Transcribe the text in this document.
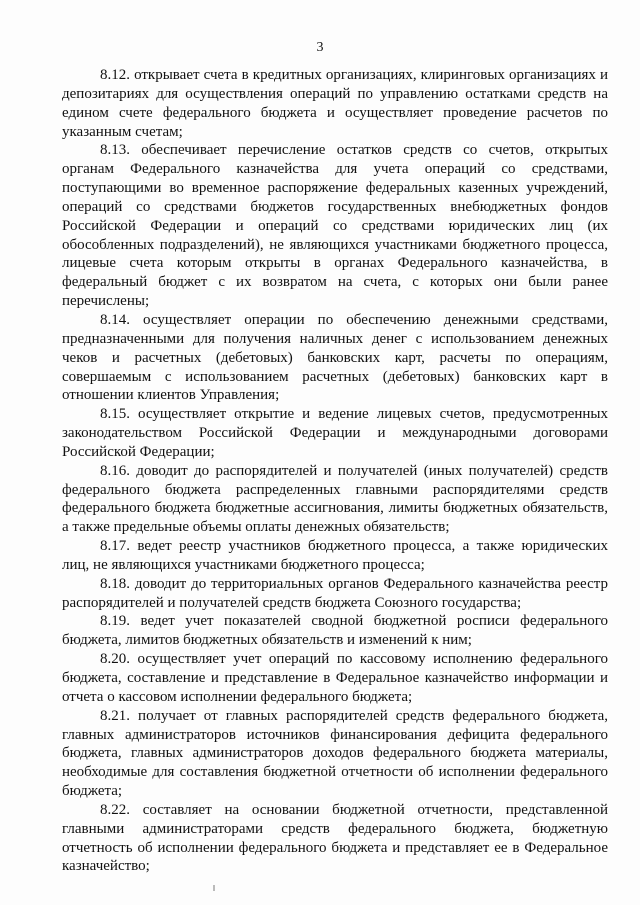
3

8.12. открывает счета в кредитных организациях, клиринговых организациях и депозитариях для осуществления операций по управлению остатками средств на едином счете федерального бюджета и осуществляет проведение расчетов по указанным счетам;

8.13. обеспечивает перечисление остатков средств со счетов, открытых органам Федерального казначейства для учета операций со средствами, поступающими во временное распоряжение федеральных казенных учреждений, операций со средствами бюджетов государственных внебюджетных фондов Российской Федерации и операций со средствами юридических лиц (их обособленных подразделений), не являющихся участниками бюджетного процесса, лицевые счета которым открыты в органах Федерального казначейства, в федеральный бюджет с их возвратом на счета, с которых они были ранее перечислены;

8.14. осуществляет операции по обеспечению денежными средствами, предназначенными для получения наличных денег с использованием денежных чеков и расчетных (дебетовых) банковских карт, расчеты по операциям, совершаемым с использованием расчетных (дебетовых) банковских карт в отношении клиентов Управления;

8.15. осуществляет открытие и ведение лицевых счетов, предусмотренных законодательством Российской Федерации и международными договорами Российской Федерации;

8.16. доводит до распорядителей и получателей (иных получателей) средств федерального бюджета распределенных главными распорядителями средств федерального бюджета бюджетные ассигнования, лимиты бюджетных обязательств, а также предельные объемы оплаты денежных обязательств;

8.17. ведет реестр участников бюджетного процесса, а также юридических лиц, не являющихся участниками бюджетного процесса;

8.18. доводит до территориальных органов Федерального казначейства реестр распорядителей и получателей средств бюджета Союзного государства;

8.19. ведет учет показателей сводной бюджетной росписи федерального бюджета, лимитов бюджетных обязательств и изменений к ним;

8.20. осуществляет учет операций по кассовому исполнению федерального бюджета, составление и представление в Федеральное казначейство информации и отчета о кассовом исполнении федерального бюджета;

8.21. получает от главных распорядителей средств федерального бюджета, главных администраторов источников финансирования дефицита федерального бюджета, главных администраторов доходов федерального бюджета материалы, необходимые для составления бюджетной отчетности об исполнении федерального бюджета;

8.22. составляет на основании бюджетной отчетности, представленной главными администраторами средств федерального бюджета, бюджетную отчетность об исполнении федерального бюджета и представляет ее в Федеральное казначейство;
